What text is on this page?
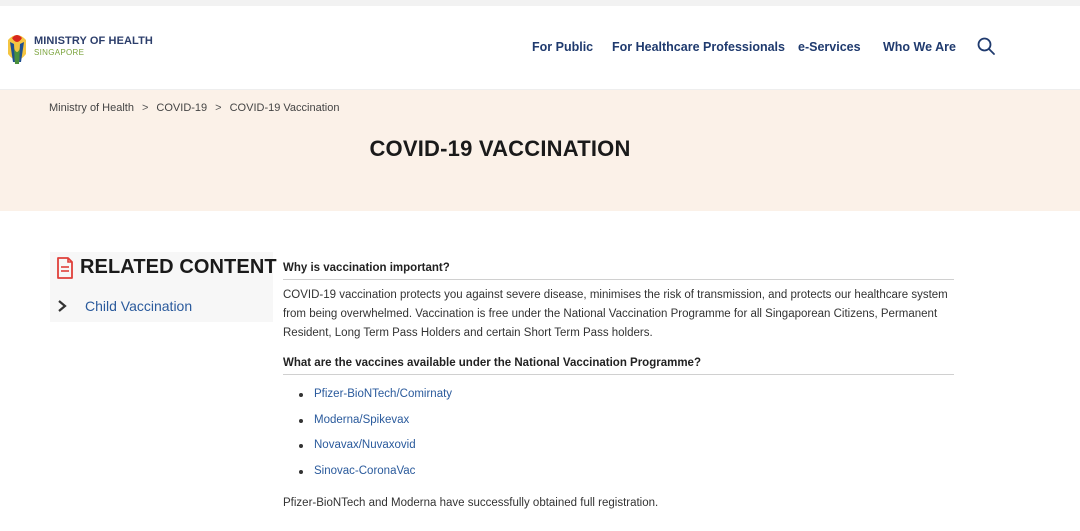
MINISTRY OF HEALTH
SINGAPORE	For Public For Healthcare Professionals e-Services Who We Are
Ministry of Health > COVID-19 > COVID-19 Vaccination
COVID-19 VACCINATION
RELATED CONTENT
Child Vaccination
Why is vaccination important?

COVID-19 vaccination protects you against severe disease, minimises the risk of transmission, and protects our healthcare system from being overwhelmed. Vaccination is free under the National Vaccination Programme for all Singaporean Citizens, Permanent Resident, Long Term Pass Holders and certain Short Term Pass holders.

What are the vaccines available under the National Vaccination Programme?
Pfizer-BioNTech/Comirnaty
Moderna/Spikevax
Novavax/Nuvaxovid
Sinovac-CoronaVac

Pfizer-BioNTech and Moderna have successfully obtained full registration.
